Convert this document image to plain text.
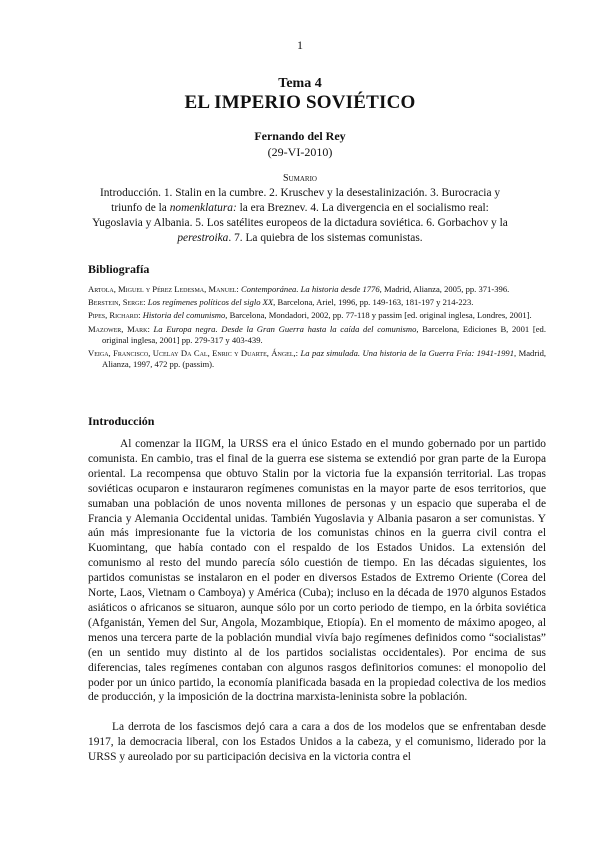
1
Tema 4
EL IMPERIO SOVIÉTICO
Fernando del Rey
(29-VI-2010)
Sumario
Introducción. 1. Stalin en la cumbre. 2. Kruschev y la desestalinización. 3. Burocracia y triunfo de la nomenklatura: la era Breznev. 4. La divergencia en el socialismo real: Yugoslavia y Albania. 5. Los satélites europeos de la dictadura soviética. 6. Gorbachov y la perestroika. 7. La quiebra de los sistemas comunistas.
Bibliografía
Artola, Miguel y Pérez Ledesma, Manuel: Contemporánea. La historia desde 1776, Madrid, Alianza, 2005, pp. 371-396.
Berstein, Serge: Los regímenes políticos del siglo XX, Barcelona, Ariel, 1996, pp. 149-163, 181-197 y 214-223.
Pipes, Richard: Historia del comunismo, Barcelona, Mondadori, 2002, pp. 77-118 y passim [ed. original inglesa, Londres, 2001].
Mazower, Mark: La Europa negra. Desde la Gran Guerra hasta la caída del comunismo, Barcelona, Ediciones B, 2001 [ed. original inglesa, 2001] pp. 279-317 y 403-439.
Veiga, Francisco, Ucelay Da Cal, Enric y Duarte, Ángel,: La paz simulada. Una historia de la Guerra Fría: 1941-1991, Madrid, Alianza, 1997, 472 pp. (passim).
Introducción
Al comenzar la IIGM, la URSS era el único Estado en el mundo gobernado por un partido comunista. En cambio, tras el final de la guerra ese sistema se extendió por gran parte de la Europa oriental. La recompensa que obtuvo Stalin por la victoria fue la expansión territorial. Las tropas soviéticas ocuparon e instauraron regímenes comunistas en la mayor parte de esos territorios, que sumaban una población de unos noventa millones de personas y un espacio que superaba el de Francia y Alemania Occidental unidas. También Yugoslavia y Albania pasaron a ser comunistas. Y aún más impresionante fue la victoria de los comunistas chinos en la guerra civil contra el Kuomintang, que había contado con el respaldo de los Estados Unidos. La extensión del comunismo al resto del mundo parecía sólo cuestión de tiempo. En las décadas siguientes, los partidos comunistas se instalaron en el poder en diversos Estados de Extremo Oriente (Corea del Norte, Laos, Vietnam o Camboya) y América (Cuba); incluso en la década de 1970 algunos Estados asiáticos o africanos se situaron, aunque sólo por un corto periodo de tiempo, en la órbita soviética (Afganistán, Yemen del Sur, Angola, Mozambique, Etiopía). En el momento de máximo apogeo, al menos una tercera parte de la población mundial vivía bajo regímenes definidos como “socialistas” (en un sentido muy distinto al de los partidos socialistas occidentales). Por encima de sus diferencias, tales regímenes contaban con algunos rasgos definitorios comunes: el monopolio del poder por un único partido, la economía planificada basada en la propiedad colectiva de los medios de producción, y la imposición de la doctrina marxista-leninista sobre la población.
La derrota de los fascismos dejó cara a cara a dos de los modelos que se enfrentaban desde 1917, la democracia liberal, con los Estados Unidos a la cabeza, y el comunismo, liderado por la URSS y aureolado por su participación decisiva en la victoria contra el
